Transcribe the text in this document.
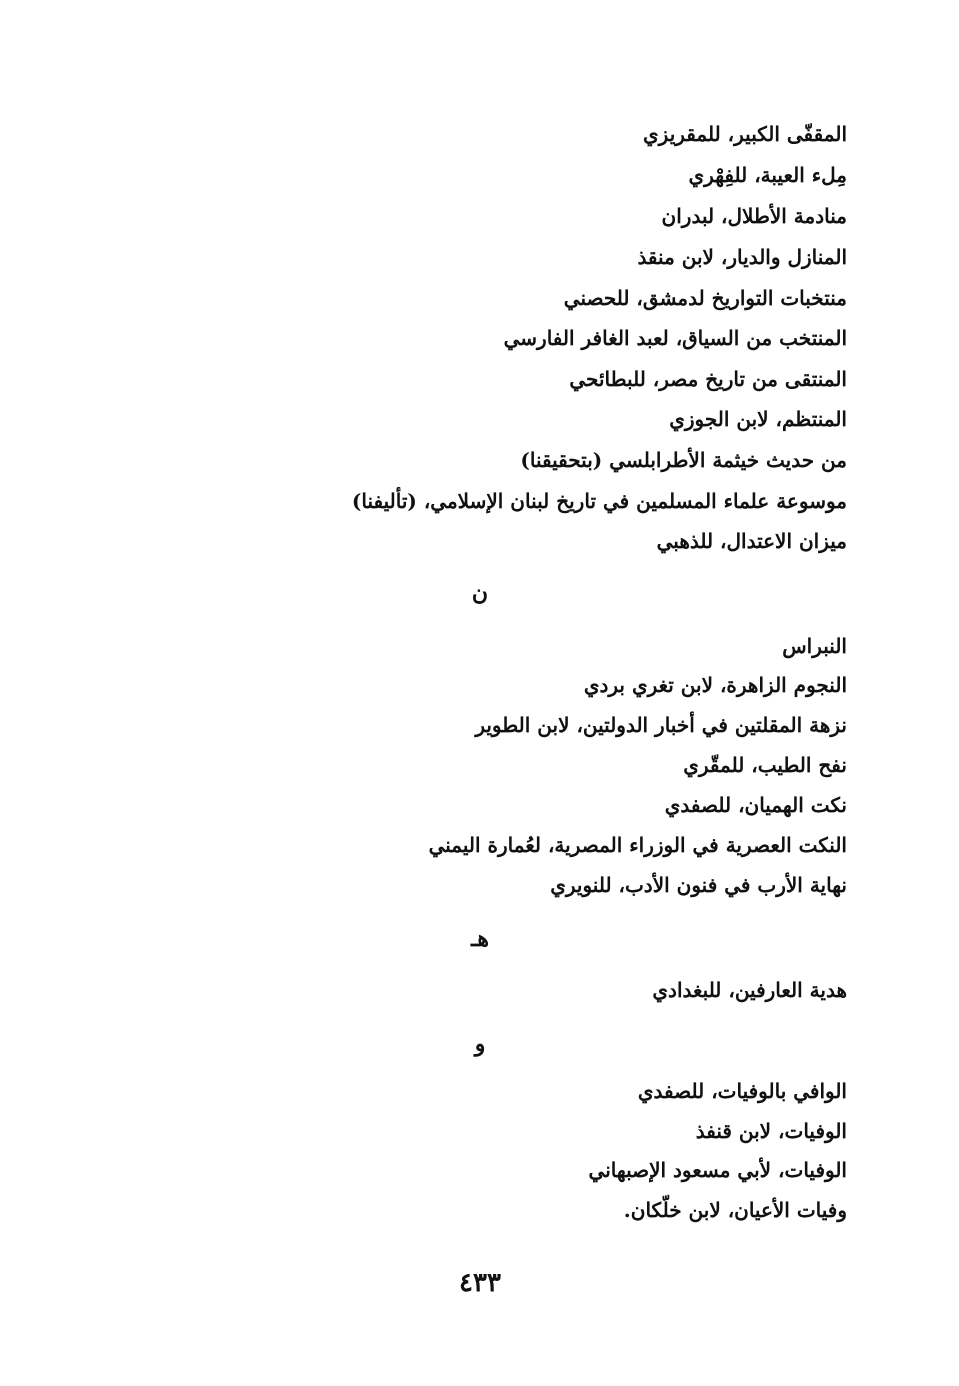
المقفّى الكبير، للمقريزي
مِلء العيبة، للفِهْري
منادمة الأطلال، لبدران
المنازل والديار، لابن منقذ
منتخبات التواريخ لدمشق، للحصني
المنتخب من السياق، لعبد الغافر الفارسي
المنتقى من تاريخ مصر، للبطائحي
المنتظم، لابن الجوزي
من حديث خيثمة الأطرابلسي (بتحقيقنا)
موسوعة علماء المسلمين في تاريخ لبنان الإسلامي، (تأليفنا)
ميزان الاعتدال، للذهبي
ن
النبراس
النجوم الزاهرة، لابن تغري بردي
نزهة المقلتين في أخبار الدولتين، لابن الطوير
نفح الطيب، للمقّري
نكت الهميان، للصفدي
النكت العصرية في الوزراء المصرية، لعُمارة اليمني
نهاية الأرب في فنون الأدب، للنويري
هـ
هدية العارفين، للبغدادي
و
الوافي بالوفيات، للصفدي
الوفيات، لابن قنفذ
الوفيات، لأبي مسعود الإصبهاني
وفيات الأعيان، لابن خلّكان.
٤٣٣
